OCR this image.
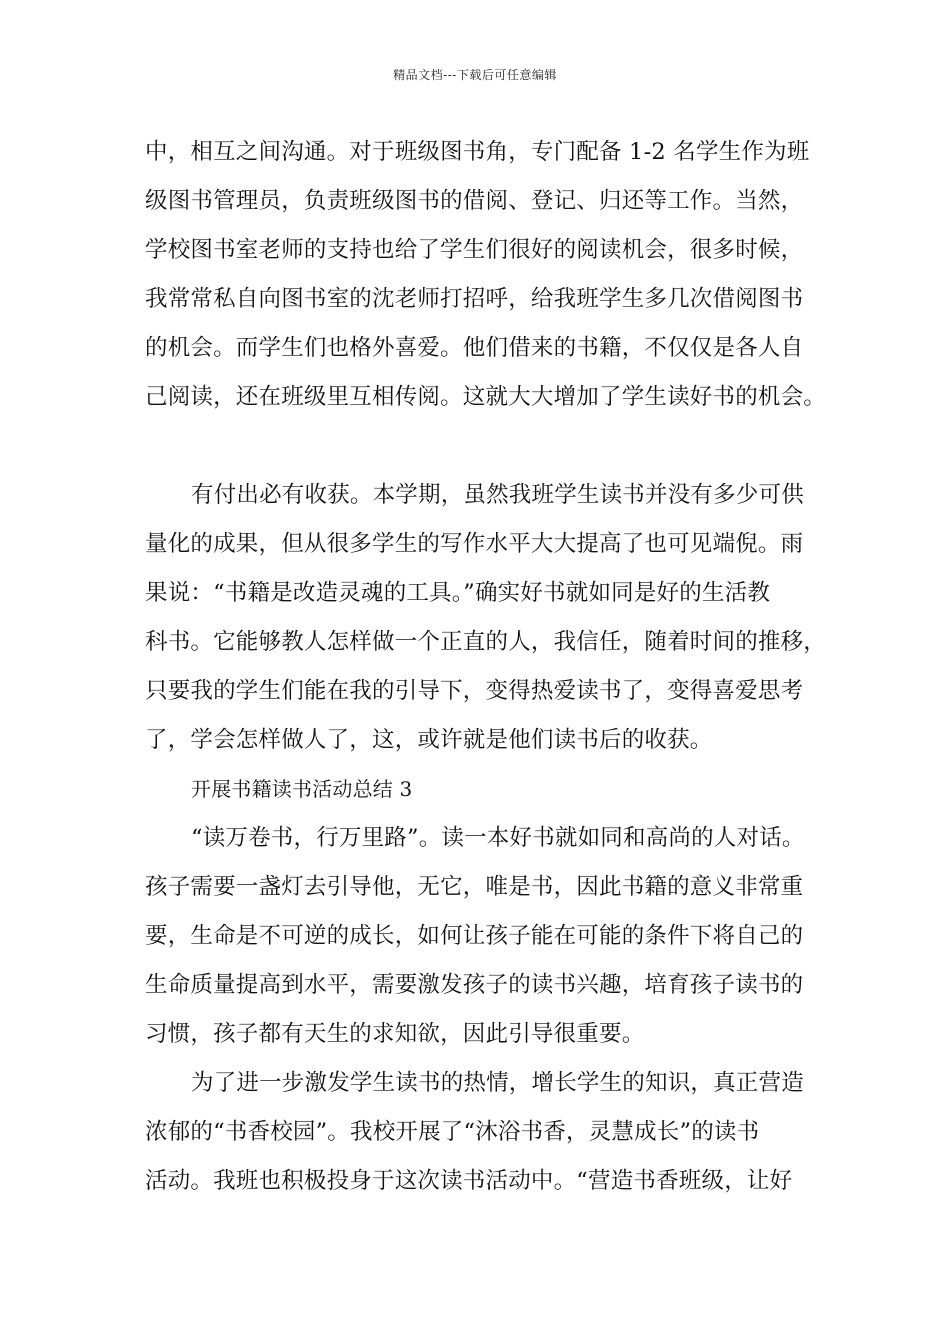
精品文档---下载后可任意编辑
中，相互之间沟通。对于班级图书角，专门配备 1-2 名学生作为班
级图书管理员，负责班级图书的借阅、登记、归还等工作。当然，
学校图书室老师的支持也给了学生们很好的阅读机会，很多时候，
我常常私自向图书室的沈老师打招呼，给我班学生多几次借阅图书
的机会。而学生们也格外喜爱。他们借来的书籍，不仅仅是各人自
己阅读，还在班级里互相传阅。这就大大增加了学生读好书的机会。
有付出必有收获。本学期，虽然我班学生读书并没有多少可供
量化的成果，但从很多学生的写作水平大大提高了也可见端倪。雨
果说：“书籍是改造灵魂的工具。”确实好书就如同是好的生活教
科书。它能够教人怎样做一个正直的人，我信任，随着时间的推移，
只要我的学生们能在我的引导下，变得热爱读书了，变得喜爱思考
了，学会怎样做人了，这，或许就是他们读书后的收获。
开展书籍读书活动总结 3
“读万卷书，行万里路”。读一本好书就如同和高尚的人对话。
孩子需要一盏灯去引导他，无它，唯是书，因此书籍的意义非常重
要，生命是不可逆的成长，如何让孩子能在可能的条件下将自己的
生命质量提高到水平，需要激发孩子的读书兴趣，培育孩子读书的
习惯，孩子都有天生的求知欲，因此引导很重要。
为了进一步激发学生读书的热情，增长学生的知识，真正营造
浓郁的“书香校园”。我校开展了“沐浴书香，灵慧成长”的读书
活动。我班也积极投身于这次读书活动中。“营造书香班级，让好
